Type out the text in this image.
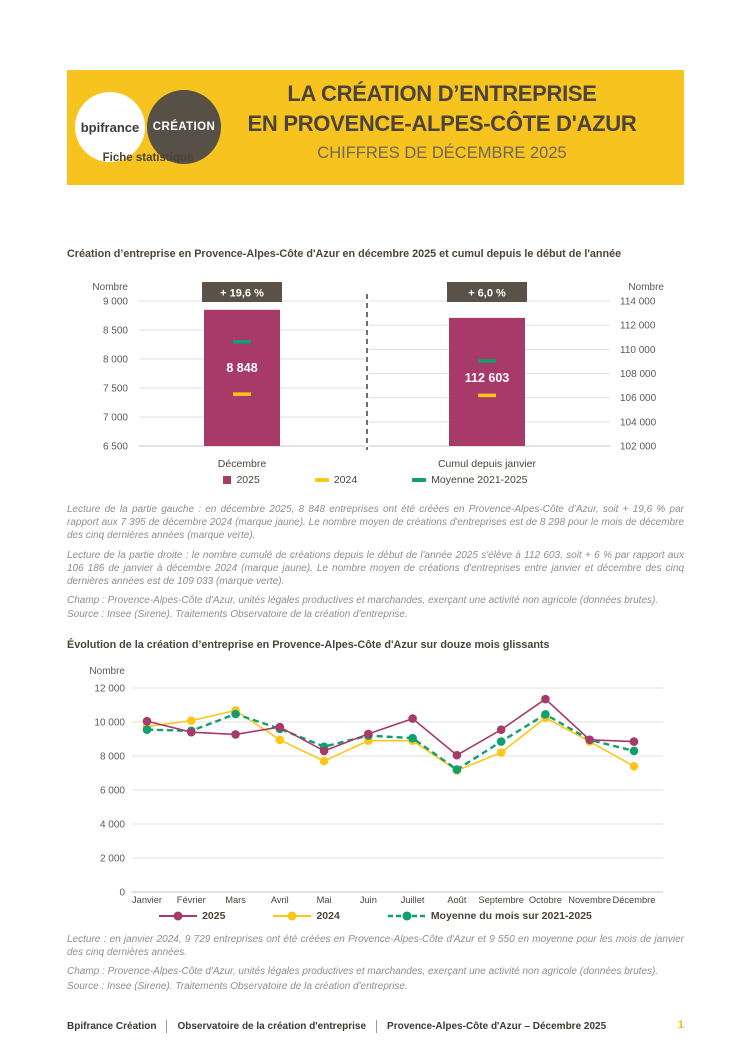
bpifrance CRÉATION
Fiche statistique
LA CRÉATION D’ENTREPRISE
EN PROVENCE-ALPES-CÔTE D'AZUR
CHIFFRES DE DÉCEMBRE 2025
Création d’entreprise en Provence-Alpes-Côte d'Azur en décembre 2025 et cumul depuis le début de l'année
Nombre
9 000
8 500
8 000
7 500
7 000
6 500
Nombre
114 000
112 000
110 000
108 000
106 000
104 000
102 000
8 848
+ 19,6 %
Décembre
112 603
+ 6,0 %
Cumul depuis janvier
2025	2024	Moyenne 2021-2025

Lecture de la partie gauche : en décembre 2025, 8 848 entreprises ont été créées en Provence-Alpes-Côte d’Azur, soit + 19,6 % par rapport aux 7 395 de décembre 2024 (marque jaune). Le nombre moyen de créations d'entreprises est de 8 298 pour le mois de décembre des cinq dernières années (marque verte).

Lecture de la partie droite : le nombre cumulé de créations depuis le début de l'année 2025 s'élève à 112 603, soit + 6 % par rapport aux 106 186 de janvier à décembre 2024 (marque jaune). Le nombre moyen de créations d'entreprises entre janvier et décembre des cinq dernières années est de 109 033 (marque verte).

Champ : Provence-Alpes-Côte d'Azur, unités légales productives et marchandes, exerçant une activité non agricole (données brutes).

Source : Insee (Sirene). Traitements Observatoire de la création d'entreprise.

Évolution de la création d’entreprise en Provence-Alpes-Côte d'Azur sur douze mois glissants
Nombre
12 000
10 000
8 000
6 000
4 000
2 000
0
Janvier Février Mars	Avril	Mai	Juin	Juillet Août Septembre Octobre Novembre Décembre
2025	2024	Moyenne du mois sur 2021-2025

Lecture : en janvier 2024, 9 729 entreprises ont été créées en Provence-Alpes-Côte d'Azur et 9 550 en moyenne pour les mois de janvier des cinq dernières années.

Champ : Provence-Alpes-Côte d'Azur, unités légales productives et marchandes, exerçant une activité non agricole (données brutes).

Source : Insee (Sirene). Traitements Observatoire de la création d'entreprise.

Bpifrance Création Observatoire de la création d'entreprise Provence-Alpes-Côte d'Azur – Décembre 2025	1
